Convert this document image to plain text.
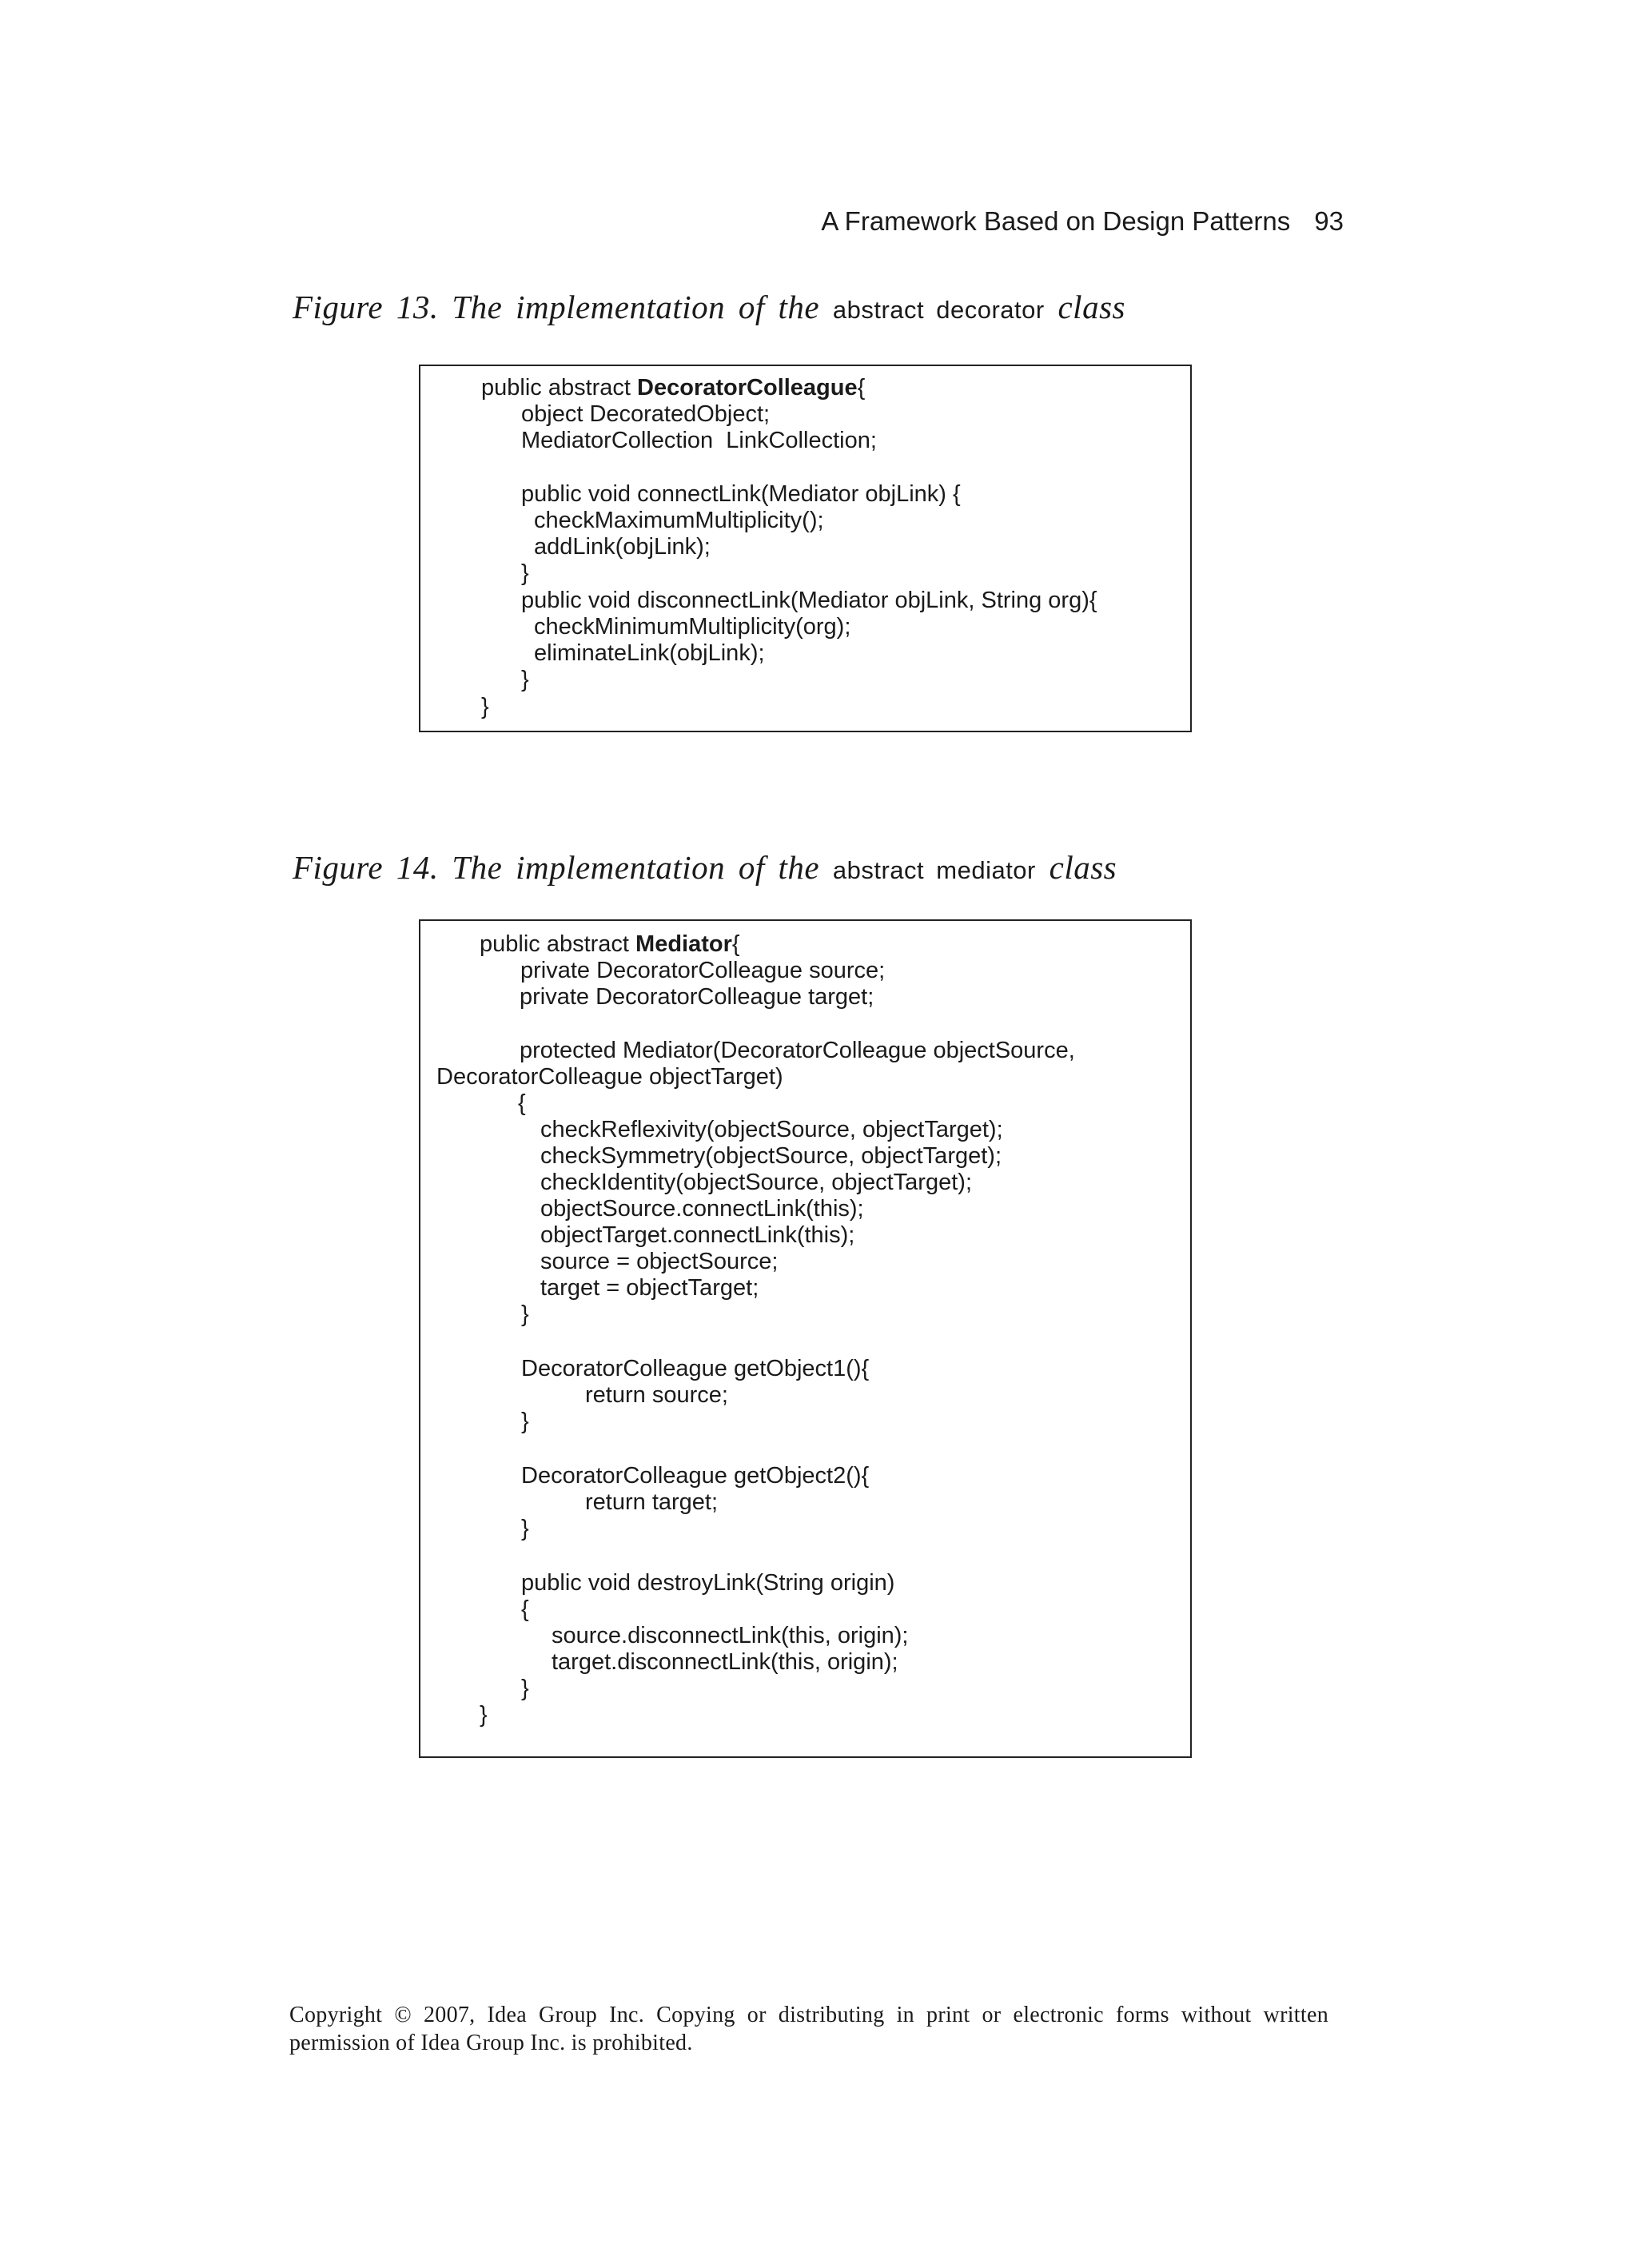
A Framework Based on Design Patterns 93
Figure 13. The implementation of the abstract decorator class
public abstract DecoratorColleague{
object DecoratedObject;
MediatorCollection  LinkCollection;
public void connectLink(Mediator objLink) {
checkMaximumMultiplicity();
addLink(objLink);
}
public void disconnectLink(Mediator objLink, String org){
checkMinimumMultiplicity(org);
eliminateLink(objLink);
}
}
Figure 14. The implementation of the abstract mediator class
public abstract Mediator{
private DecoratorColleague source;
private DecoratorColleague target;
protected Mediator(DecoratorColleague objectSource,
DecoratorColleague objectTarget)
{
checkReflexivity(objectSource, objectTarget);
checkSymmetry(objectSource, objectTarget);
checkIdentity(objectSource, objectTarget);
objectSource.connectLink(this);
objectTarget.connectLink(this);
source = objectSource;
target = objectTarget;
}
DecoratorColleague getObject1(){
return source;
}
DecoratorColleague getObject2(){
return target;
}
public void destroyLink(String origin)
{
source.disconnectLink(this, origin);
target.disconnectLink(this, origin);
}
}
Copyright © 2007, Idea Group Inc. Copying or distributing in print or electronic forms without written permission of Idea Group Inc. is prohibited.
